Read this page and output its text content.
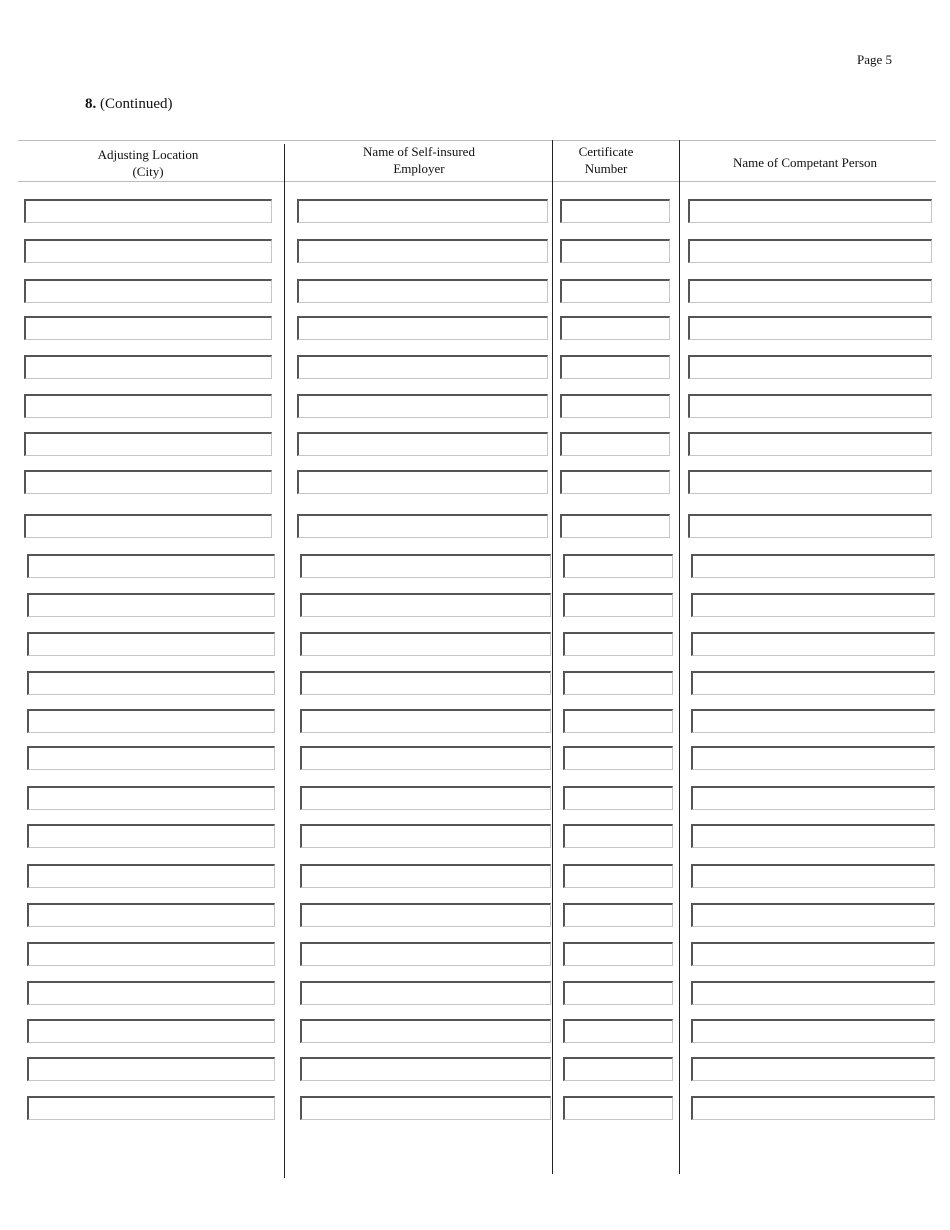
Page 5
8. (Continued)
Adjusting Location
(City)
Name of Self-insured
Employer
Certificate
Number	Name of Competant Person
